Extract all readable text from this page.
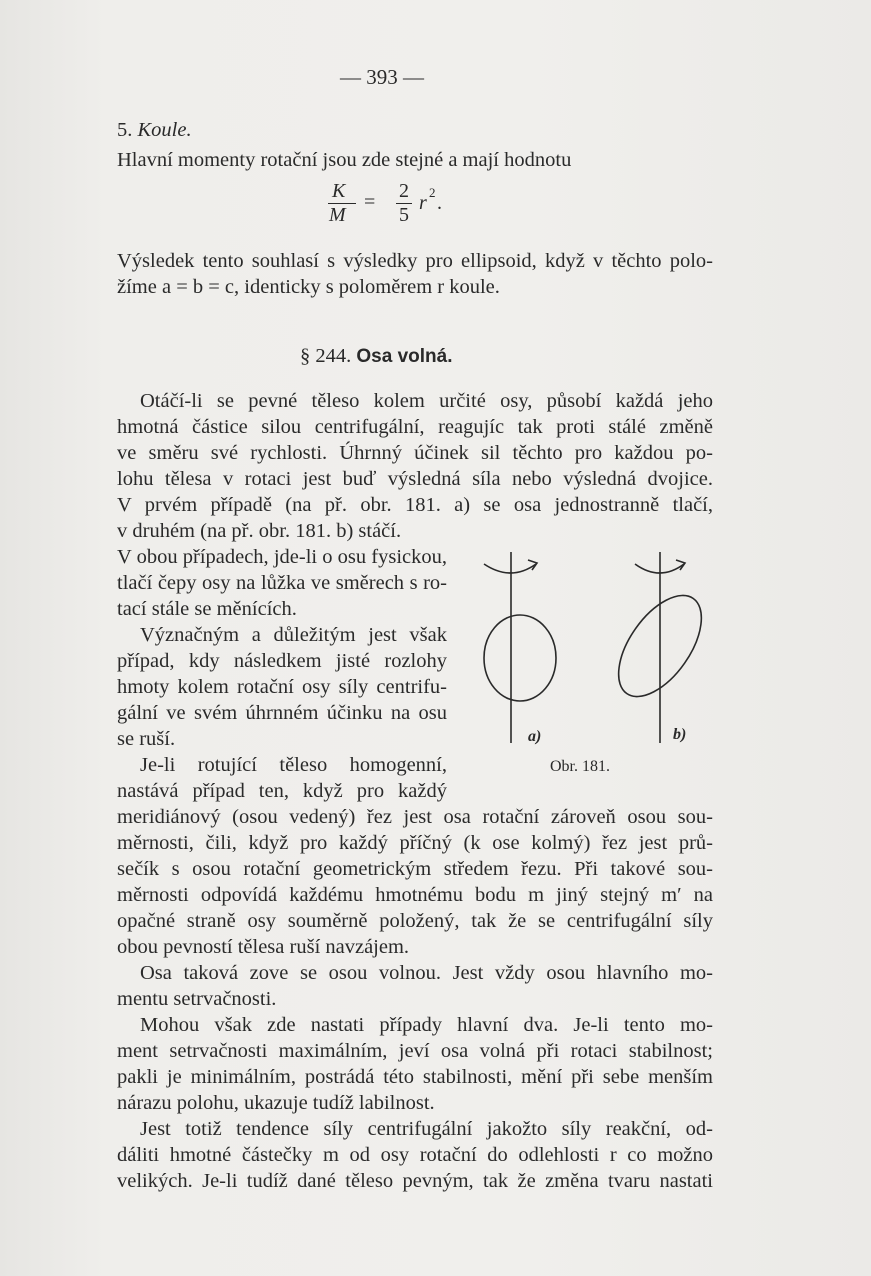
— 393 —
5. Koule.
Hlavní momenty rotační jsou zde stejné a mají hodnotu
K
M
= 2
5
r 2 .
Výsledek tento souhlasí s výsledky pro ellipsoid, když v těchto polo-
žíme a = b = c, identicky s poloměrem r koule.
§ 244. Osa volná.
Otáčí-li se pevné těleso kolem určité osy, působí každá jeho
hmotná částice silou centrifugální, reagujíc tak proti stálé změně
ve směru své rychlosti. Úhrnný účinek sil těchto pro každou po-
lohu tělesa v rotaci jest buď výsledná síla nebo výsledná dvojice.
V prvém případě (na př. obr. 181. a) se osa jednostranně tlačí,
v druhém (na př. obr. 181. b) stáčí.
V obou případech, jde-li o osu fysickou,
tlačí čepy osy na lůžka ve směrech s ro-
tací stále se měnících.
Význačným a důležitým jest však
případ, kdy následkem jisté rozlohy
hmoty kolem rotační osy síly centrifu-
gální ve svém úhrnném účinku na osu
se ruší.
Je-li rotující těleso homogenní,
nastává případ ten, když pro každý
meridiánový (osou vedený) řez jest osa rotační zároveň osou sou-
měrnosti, čili, když pro každý příčný (k ose kolmý) řez jest prů-
sečík s osou rotační geometrickým středem řezu. Při takové sou-
měrnosti odpovídá každému hmotnému bodu m jiný stejný m′ na
opačné straně osy souměrně položený, tak že se centrifugální síly
obou pevností tělesa ruší navzájem.
Osa taková zove se osou volnou. Jest vždy osou hlavního mo-
mentu setrvačnosti.
Mohou však zde nastati případy hlavní dva. Je-li tento mo-
ment setrvačnosti maximálním, jeví osa volná při rotaci stabilnost;
pakli je minimálním, postrádá této stabilnosti, mění při sebe menším
nárazu polohu, ukazuje tudíž labilnost.
Jest totiž tendence síly centrifugální jakožto síly reakční, od-
dáliti hmotné částečky m od osy rotační do odlehlosti r co možno
velikých. Je-li tudíž dané těleso pevným, tak že změna tvaru nastati
a)	b)
Obr. 181.
